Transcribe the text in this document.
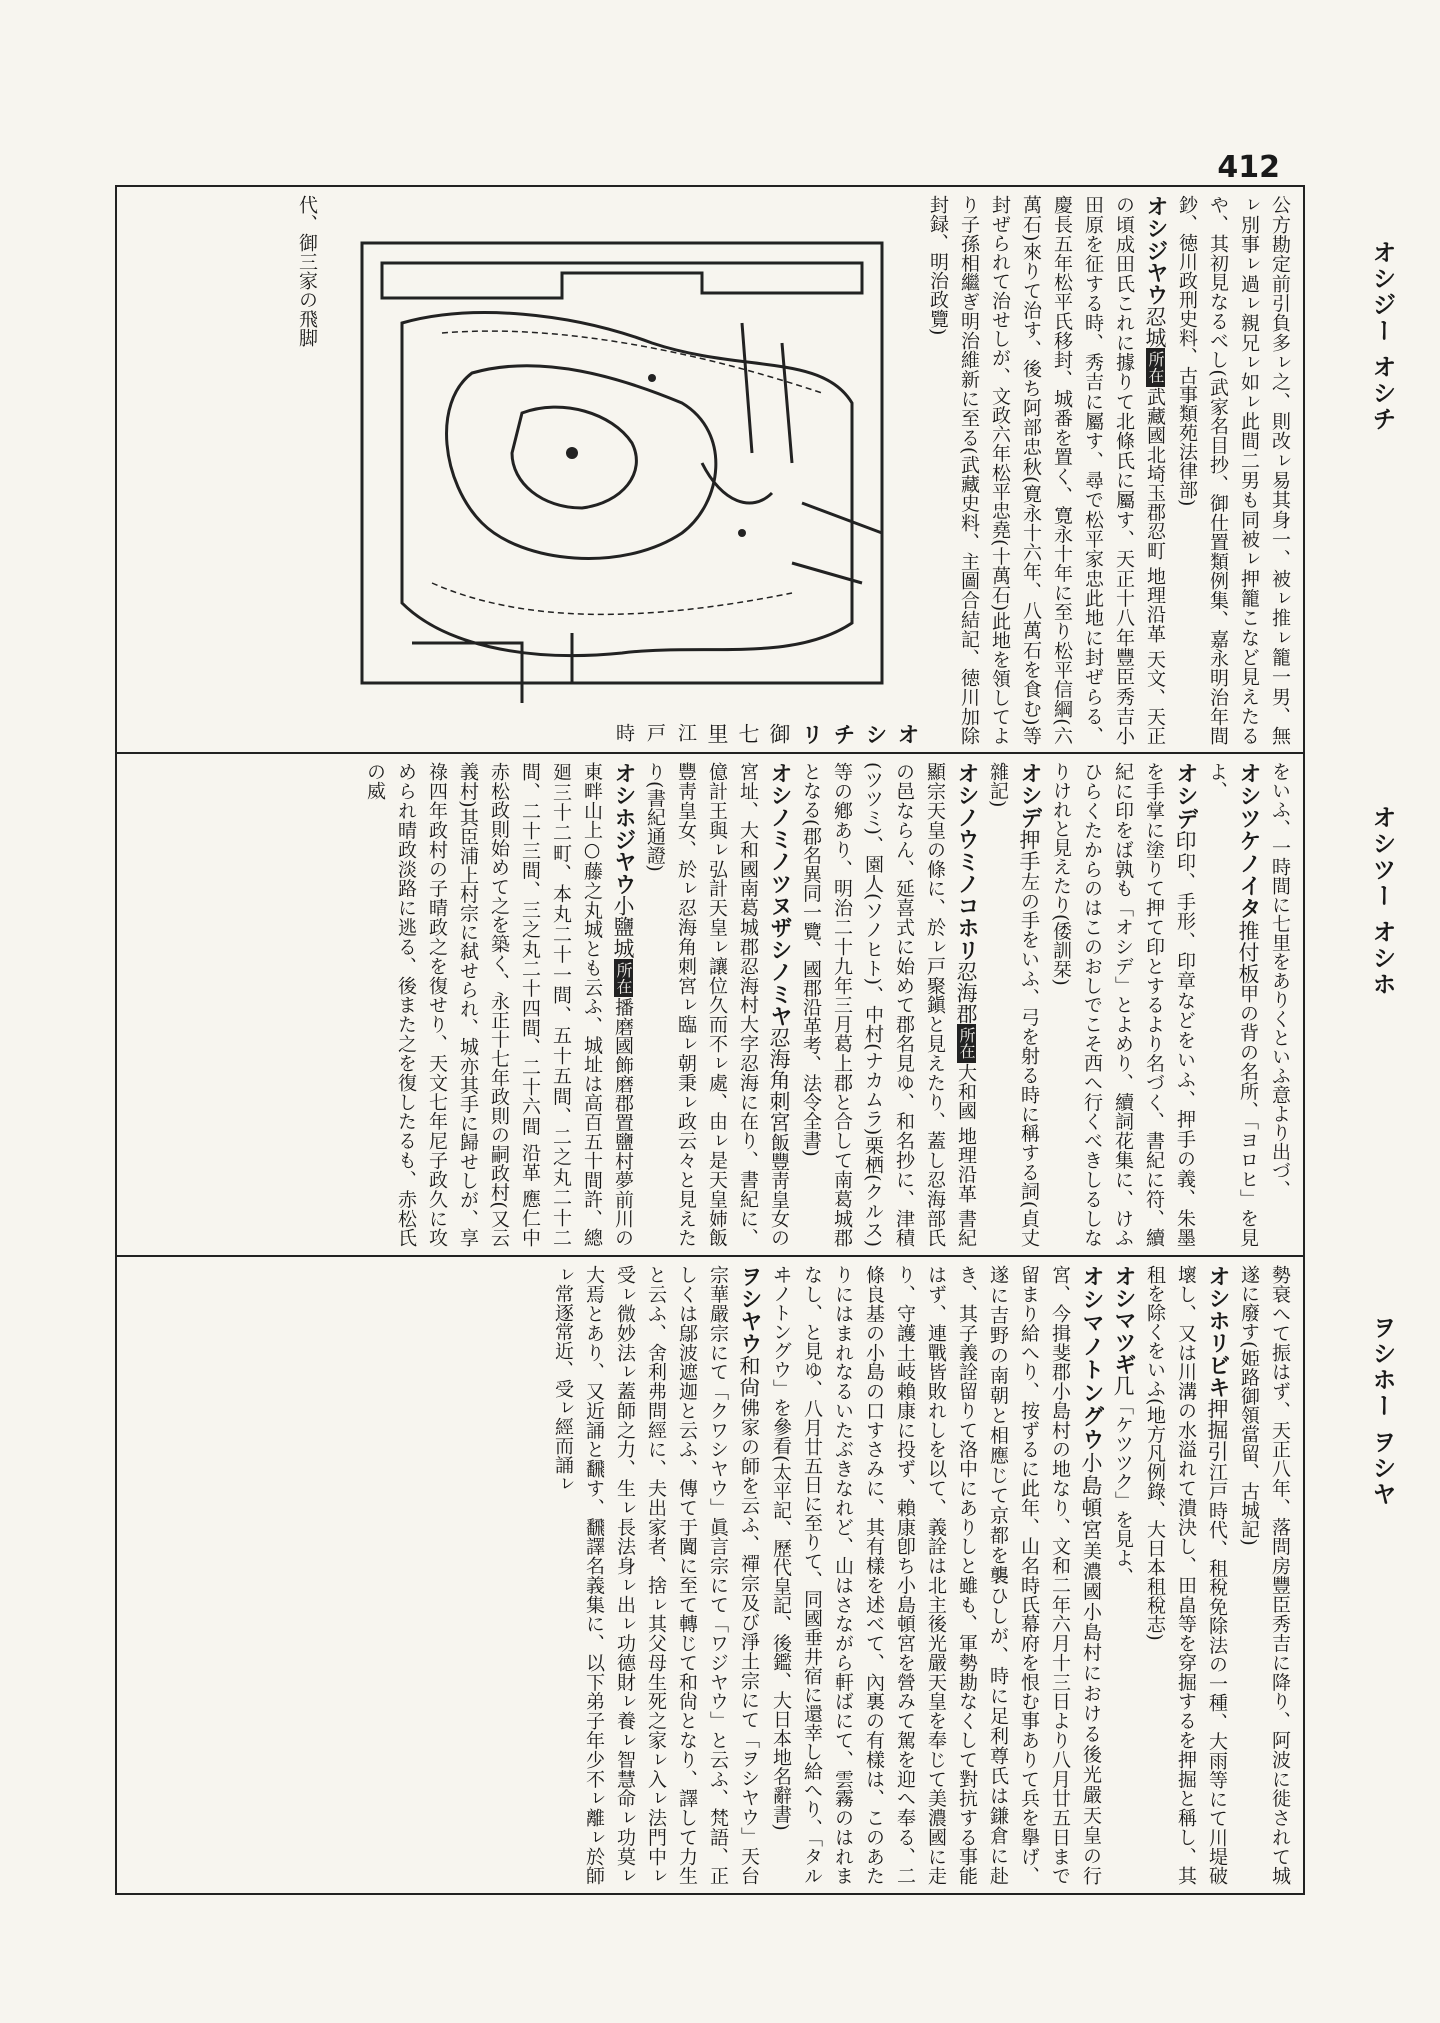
412
オシジー オシチ
オシツー オシホ
ヲシホー ヲシヤ

公方勘定前引負多ㇾ之、則改ㇾ易其身一、被ㇾ推ㇾ籠一男、無ㇾ別事ㇾ過ㇾ親兄ㇾ如ㇾ此間二男も同被ㇾ押籠こなど見えたるや、其初見なるべし(武家名目抄、御仕置類例集、嘉永明治年間鈔、徳川政刑史料、古事類苑法律部)

オシジヤウ忍城所在武藏國北埼玉郡忍町 地理沿革 天文、天正の頃成田氏これに據りて北條氏に屬す、天正十八年豐臣秀吉小田原を征する時、秀吉に屬す、尋で松平家忠此地に封ぜらる、慶長五年松平氏移封、城番を置く、寛永十年に至り松平信綱(六萬石)來りて治す、後ち阿部忠秋(寛永十六年、八萬石を食む)等封ぜられて治せしが、文政六年松平忠堯(十萬石)此地を領してより子孫相繼ぎ明治維新に至る(武藏史料、主圖合結記、徳川加除封録、明治政覽)

オシチリ御七里江戸時代、御三家の飛脚

をいふ、一時間に七里をありくといふ意より出づ、

オシツケノイタ推付板甲の背の名所、「ヨロヒ」を見よ、

オシデ印印、手形、印章などをいふ、押手の義、朱墨を手掌に塗りて押て印とするより名づく、書紀に符、續紀に印をば孰も「オシデ」とよめり、續詞花集に、けふひらくたからのはこのおしでこそ西へ行くべきしるしなりけれと見えたり(倭訓栞)

オシデ押手左の手をいふ、弓を射る時に稱する詞(貞丈雜記)

オシノウミノコホリ忍海郡所在大和國 地理沿革 書紀顯宗天皇の條に、於ㇾ戸聚鎭と見えたり、蓋し忍海部氏の邑ならん、延喜式に始めて郡名見ゆ、和名抄に、津積(ツツミ)、園人(ソノヒト)、中村(ナカムラ)栗栖(クルス)等の鄕あり、明治二十九年三月葛上郡と合して南葛城郡となる(郡名異同一覽、國郡沿革考、法令全書)

オシノミノツヌザシノミヤ忍海角刺宮飯豐靑皇女の宮址、大和國南葛城郡忍海村大字忍海に在り、書紀に、億計王與ㇾ弘計天皇ㇾ讓位久而不ㇾ處、由ㇾ是天皇姉飯豐靑皇女、於ㇾ忍海角刺宮ㇾ臨ㇾ朝秉ㇾ政云々と見えたり(書紀通證)

オシホジヤウ小鹽城所在播磨國飾磨郡置鹽村夢前川の東畔山上○藤之丸城とも云ふ、城址は高百五十間許、總廻三十二町、本丸二十一間、五十五間、二之丸二十二間、二十三間、三之丸二十四間、二十六間 沿革 應仁中赤松政則始めて之を築く、永正十七年政則の嗣政村(又云義村)其臣浦上村宗に弑せられ、城亦其手に歸せしが、享祿四年政村の子晴政之を復せり、天文七年尼子政久に攻められ晴政淡路に逃る、後また之を復したるも、赤松氏の威

勢衰へて振はず、天正八年、落問房豐臣秀吉に降り、阿波に徙されて城遂に廢す(姫路御領當留、古城記)

オシホリビキ押掘引江戸時代、租稅免除法の一種、大雨等にて川堤破壞し、又は川溝の水溢れて潰決し、田畠等を穿掘するを押掘と稱し、其租を除くをいふ(地方凡例錄、大日本租稅志)

オシマツギ几「ケツツク」を見よ、

オシマノトングウ小島頓宮美濃國小島村における後光嚴天皇の行宮、今揖斐郡小島村の地なり、文和二年六月十三日より八月廿五日まで留まり給へり、按ずるに此年、山名時氏幕府を恨む事ありて兵を擧げ、遂に吉野の南朝と相應じて京都を襲ひしが、時に足利尊氏は鎌倉に赴き、其子義詮留りて洛中にありしと雖も、軍勢勘なくして對抗する事能はず、連戰皆敗れしを以て、義詮は北主後光嚴天皇を奉じて美濃國に走り、守護土岐賴康に投ず、賴康卽ち小島頓宮を營みて駕を迎へ奉る、二條良基の小島の口すさみに、其有樣を述べて、內裏の有樣は、このあたりにはまれなるいたぶきなれど、山はさながら軒ばにて、雲霧のはれまなし、と見ゆ、八月廿五日に至りて、同國垂井宿に還幸し給へり、「タルヰノトングウ」を參看(太平記、歷代皇記、後鑑、大日本地名辭書)

ヲシヤウ和尙佛家の師を云ふ、禪宗及び淨土宗にて「ヲシヤウ」天台宗華嚴宗にて「クワシヤウ」眞言宗にて「ワジヤウ」と云ふ、梵語、正しくは鄔波遮迦と云ふ、傳て于闐に至て轉じて和尙となり、譯して力生と云ふ、舍利弗問經に、夫出家者、捨ㇾ其父母生死之家ㇾ入ㇾ法門中ㇾ受ㇾ微妙法ㇾ蓋師之力、生ㇾ長法身ㇾ出ㇾ功德財ㇾ養ㇾ智慧命ㇾ功莫ㇾ大焉とあり、又近誦と飜す、飜譯名義集に、以下弟子年少不ㇾ離ㇾ於師ㇾ常逐常近、受ㇾ經而誦ㇾ
